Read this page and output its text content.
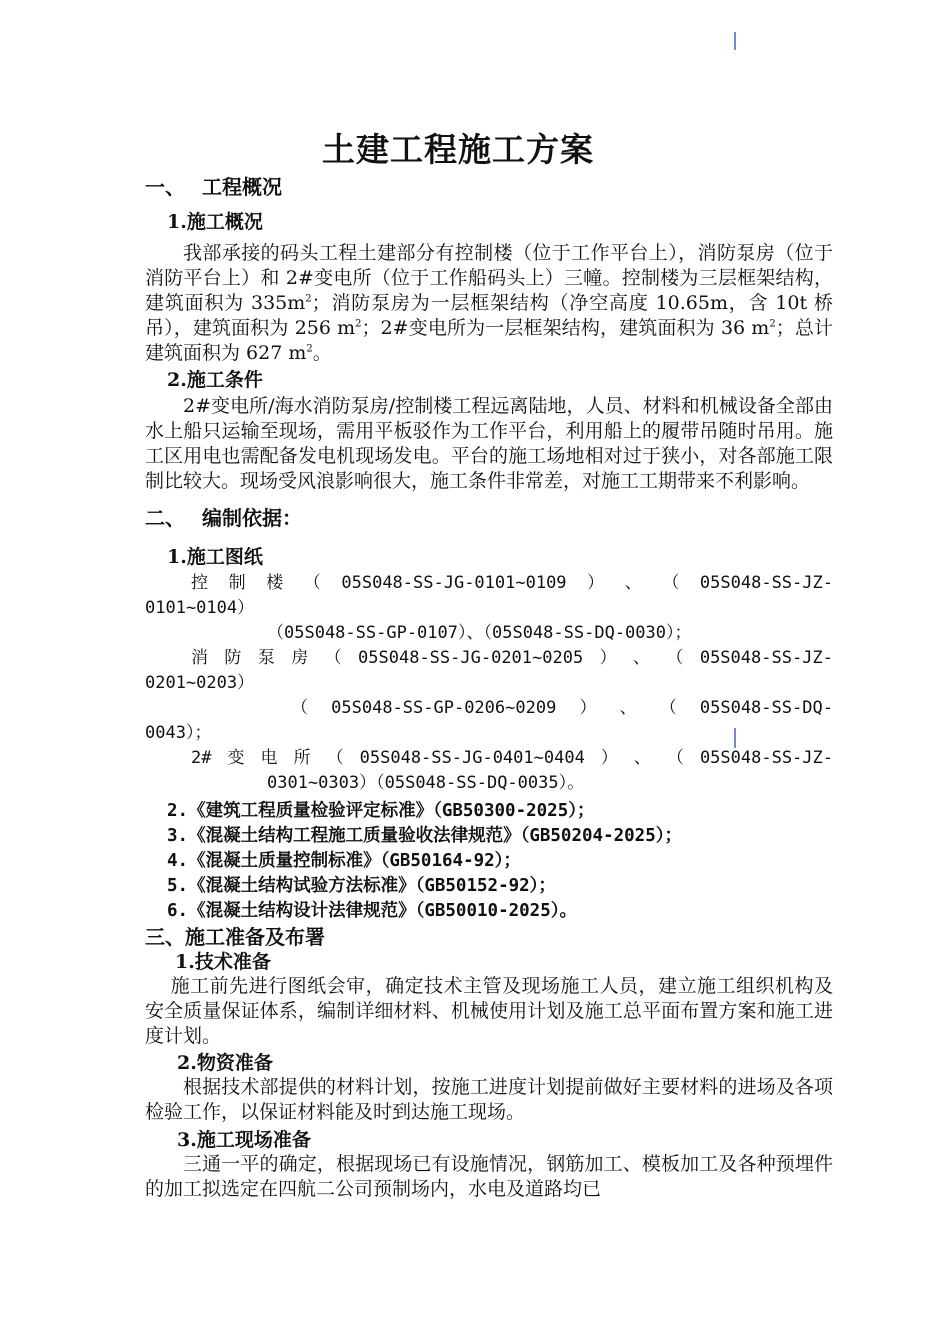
土建工程施工方案
一、 工程概况
1.施工概况

我部承接的码头工程土建部分有控制楼（位于工作平台上），消防泵房（位于消防平台上）和 2#变电所（位于工作船码头上）三幢。控制楼为三层框架结构，建筑面积为 $335m^2$；消防泵房为一层框架结构（净空高度 10.65m，含 10t 桥吊），建筑面积为 256 $m^2$；2#变电所为一层框架结构，建筑面积为 36 $m^2$；总计建筑面积为 627 $m^2$。

2.施工条件

2#变电所/海水消防泵房/控制楼工程远离陆地，人员、材料和机械设备全部由水上船只运输至现场，需用平板驳作为工作平台，利用船上的履带吊随时吊用。施工区用电也需配备发电机现场发电。平台的施工场地相对过于狭小，对各部施工限制比较大。现场受风浪影响很大，施工条件非常差，对施工工期带来不利影响。

二、 编制依据：
1.施工图纸
控 制 楼 （ 05S048-SS-JG-0101~0109 ） 、 （ 05S048-SS-JZ-
0101~0104）
（05S048-SS-GP-0107）、（05S048-SS-DQ-0030）；
消 防 泵 房 （ 05S048-SS-JG-0201~0205 ） 、 （ 05S048-SS-JZ-
0201~0203）
（ 05S048-SS-GP-0206~0209 ） 、 （ 05S048-SS-DQ-
0043）；
2# 变 电 所 （ 05S048-SS-JG-0401~0404 ） 、 （ 05S048-SS-JZ-
0301~0303）（05S048-SS-DQ-0035）。
2.《建筑工程质量检验评定标准》（GB50300-2025）；
3.《混凝土结构工程施工质量验收法律规范》（GB50204-2025）；
4.《混凝土质量控制标准》（GB50164-92）；
5.《混凝土结构试验方法标准》（GB50152-92）；
6.《混凝土结构设计法律规范》（GB50010-2025）。
三、施工准备及布署
1.技术准备

施工前先进行图纸会审，确定技术主管及现场施工人员，建立施工组织机构及安全质量保证体系，编制详细材料、机械使用计划及施工总平面布置方案和施工进度计划。

2.物资准备

根据技术部提供的材料计划，按施工进度计划提前做好主要材料的进场及各项检验工作，以保证材料能及时到达施工现场。

3.施工现场准备

三通一平的确定，根据现场已有设施情况，钢筋加工、模板加工及各种预埋件的加工拟选定在四航二公司预制场内，水电及道路均已
